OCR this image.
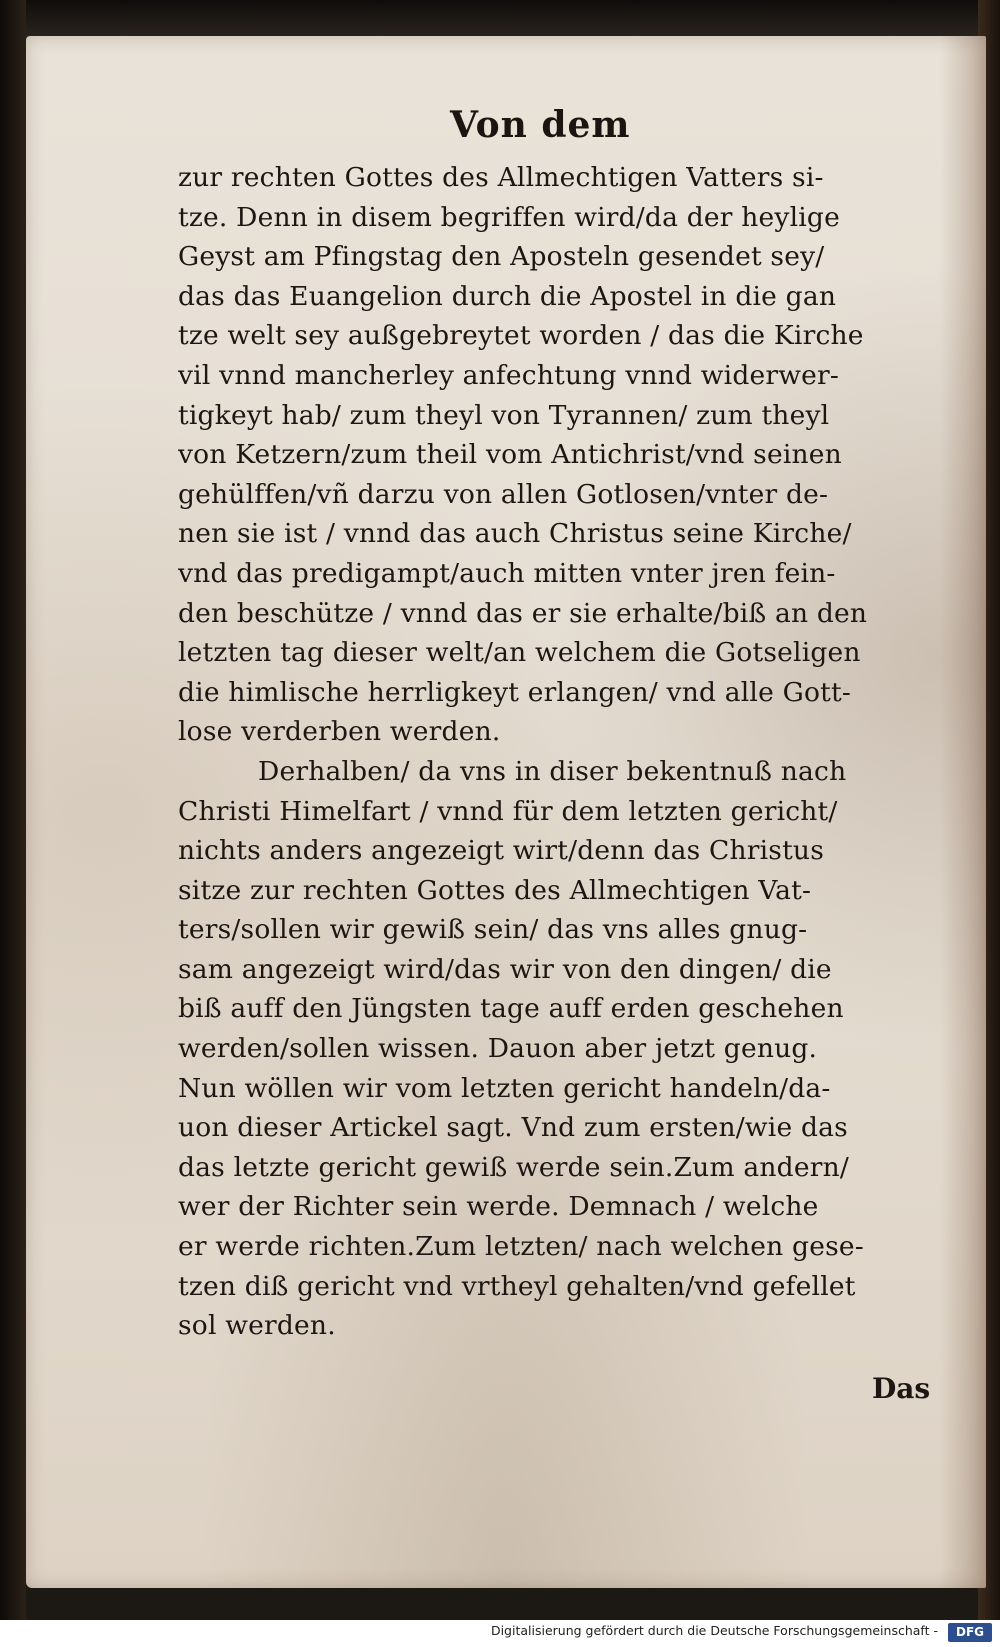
Von dem
zur rechten Gottes des Allmechtigen Vatters si-
tze. Denn in disem begriffen wird/da der heylige
Geyst am Pfingstag den Aposteln gesendet sey/
das das Euangelion durch die Apostel in die gan
tze welt sey außgebreytet worden / das die Kirche
vil vnnd mancherley anfechtung vnnd widerwer-
tigkeyt hab/ zum theyl von Tyrannen/ zum theyl
von Ketzern/zum theil vom Antichrist/vnd seinen
gehülffen/vñ darzu von allen Gotlosen/vnter de-
nen sie ist / vnnd das auch Christus seine Kirche/
vnd das predigampt/auch mitten vnter jren fein-
den beschütze / vnnd das er sie erhalte/biß an den
letzten tag dieser welt/an welchem die Gotseligen
die himlische herrligkeyt erlangen/ vnd alle Gott-
lose verderben werden.
Derhalben/ da vns in diser bekentnuß nach
Christi Himelfart / vnnd für dem letzten gericht/
nichts anders angezeigt wirt/denn das Christus
sitze zur rechten Gottes des Allmechtigen Vat-
ters/sollen wir gewiß sein/ das vns alles gnug-
sam angezeigt wird/das wir von den dingen/ die
biß auff den Jüngsten tage auff erden geschehen
werden/sollen wissen. Dauon aber jetzt genug.
Nun wöllen wir vom letzten gericht handeln/da-
uon dieser Artickel sagt. Vnd zum ersten/wie das
das letzte gericht gewiß werde sein.Zum andern/
wer der Richter sein werde. Demnach / welche
er werde richten.Zum letzten/ nach welchen gese-
tzen diß gericht vnd vrtheyl gehalten/vnd gefellet
sol werden.
Das
Digitalisierung gefördert durch die Deutsche Forschungsgemeinschaft -	DFG
